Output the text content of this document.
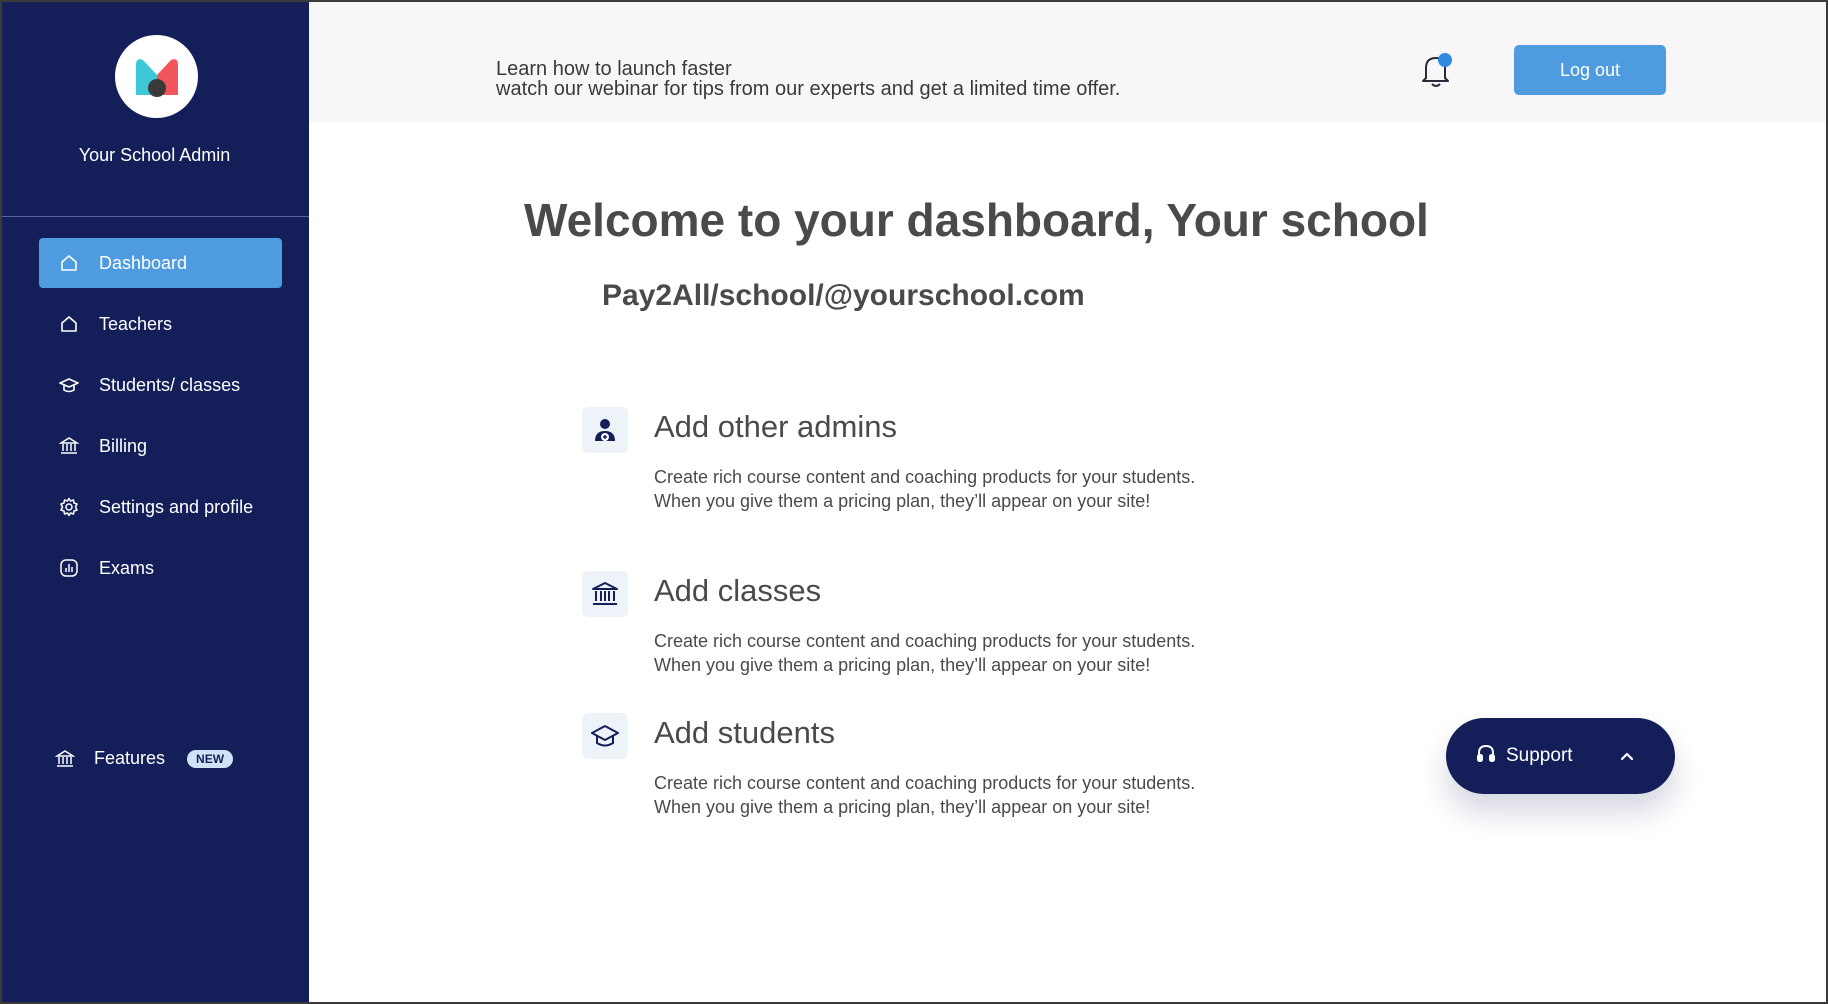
Your School Admin
Dashboard
Teachers
Students/ classes
Billing
Settings and profile
Exams
Features	NEW
Learn how to launch faster
watch our webinar for tips from our experts and get a limited time offer.
Log out
Welcome to your dashboard, Your school
Pay2All/school/@yourschool.com
Add other admins
Create rich course content and coaching products for your students.
When you give them a pricing plan, they’ll appear on your site!
Add classes
Create rich course content and coaching products for your students.
When you give them a pricing plan, they’ll appear on your site!
Add students
Create rich course content and coaching products for your students.
When you give them a pricing plan, they’ll appear on your site!
Support
